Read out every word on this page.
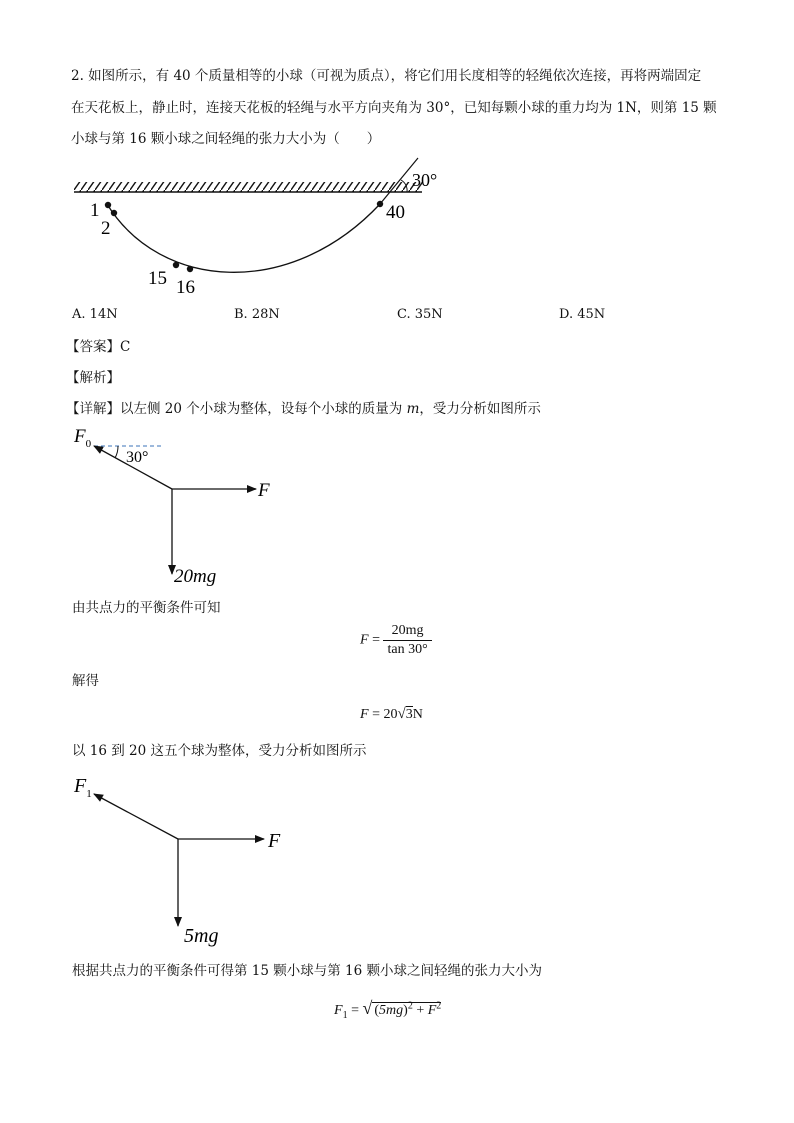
2. 如图所示，有 40 个质量相等的小球（可视为质点），将它们用长度相等的轻绳依次连接，再将两端固定
在天花板上，静止时，连接天花板的轻绳与水平方向夹角为 30°，已知每颗小球的重力均为 1N，则第 15 颗
小球与第 16 颗小球之间轻绳的张力大小为（　　）
30°
1
2
15 16
40
A. 14N	B. 28N	C. 35N	D. 45N
【答案】C
【解析】
【详解】以左侧 20 个小球为整体，设每个小球的质量为 m，受力分析如图所示
$F_0$
30°
F
20mg
由共点力的平衡条件可知
$F = \frac{20mg}{\tan 30^\circ}$
解得
F = 20√3N
以 16 到 20 这五个球为整体，受力分析如图所示
$F_1$
F
5mg
根据共点力的平衡条件可得第 15 颗小球与第 16 颗小球之间轻绳的张力大小为
$F_1$ = √ $(5mg)^2 + F^2$
